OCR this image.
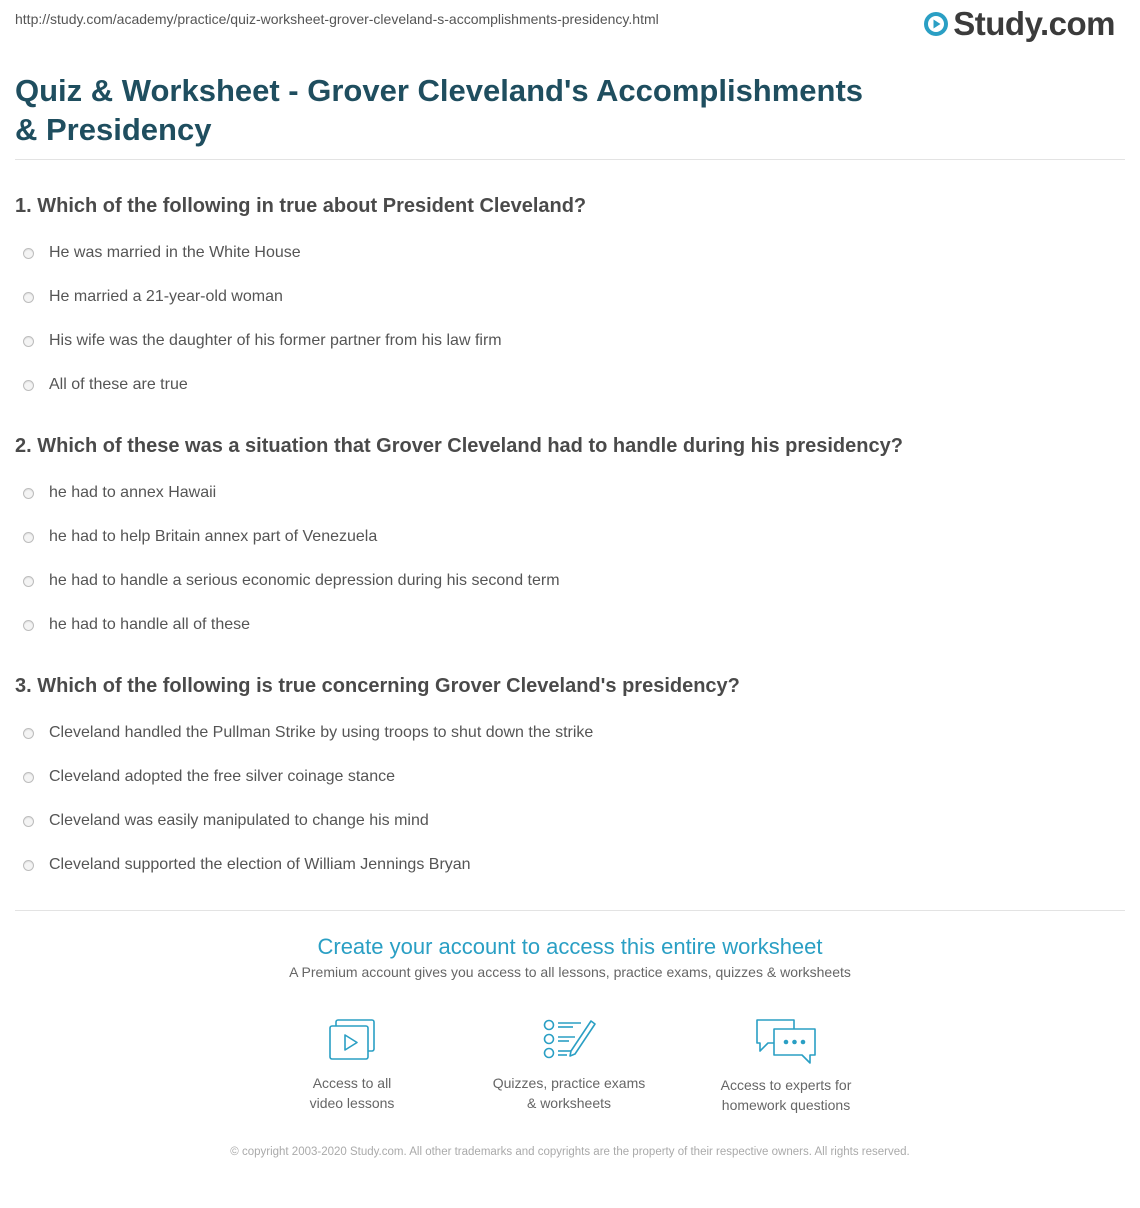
http://study.com/academy/practice/quiz-worksheet-grover-cleveland-s-accomplishments-presidency.html	Study.com
Quiz & Worksheet - Grover Cleveland's Accomplishments & Presidency

1. Which of the following in true about President Cleveland?

He was married in the White House
He married a 21-year-old woman
His wife was the daughter of his former partner from his law firm
All of these are true

2. Which of these was a situation that Grover Cleveland had to handle during his presidency?

he had to annex Hawaii
he had to help Britain annex part of Venezuela
he had to handle a serious economic depression during his second term
he had to handle all of these

3. Which of the following is true concerning Grover Cleveland's presidency?

Cleveland handled the Pullman Strike by using troops to shut down the strike
Cleveland adopted the free silver coinage stance
Cleveland was easily manipulated to change his mind
Cleveland supported the election of William Jennings Bryan
Create your account to access this entire worksheet
A Premium account gives you access to all lessons, practice exams, quizzes & worksheets
Access to all
video lessons
Quizzes, practice exams
& worksheets
Access to experts for
homework questions
© copyright 2003-2020 Study.com. All other trademarks and copyrights are the property of their respective owners. All rights reserved.
